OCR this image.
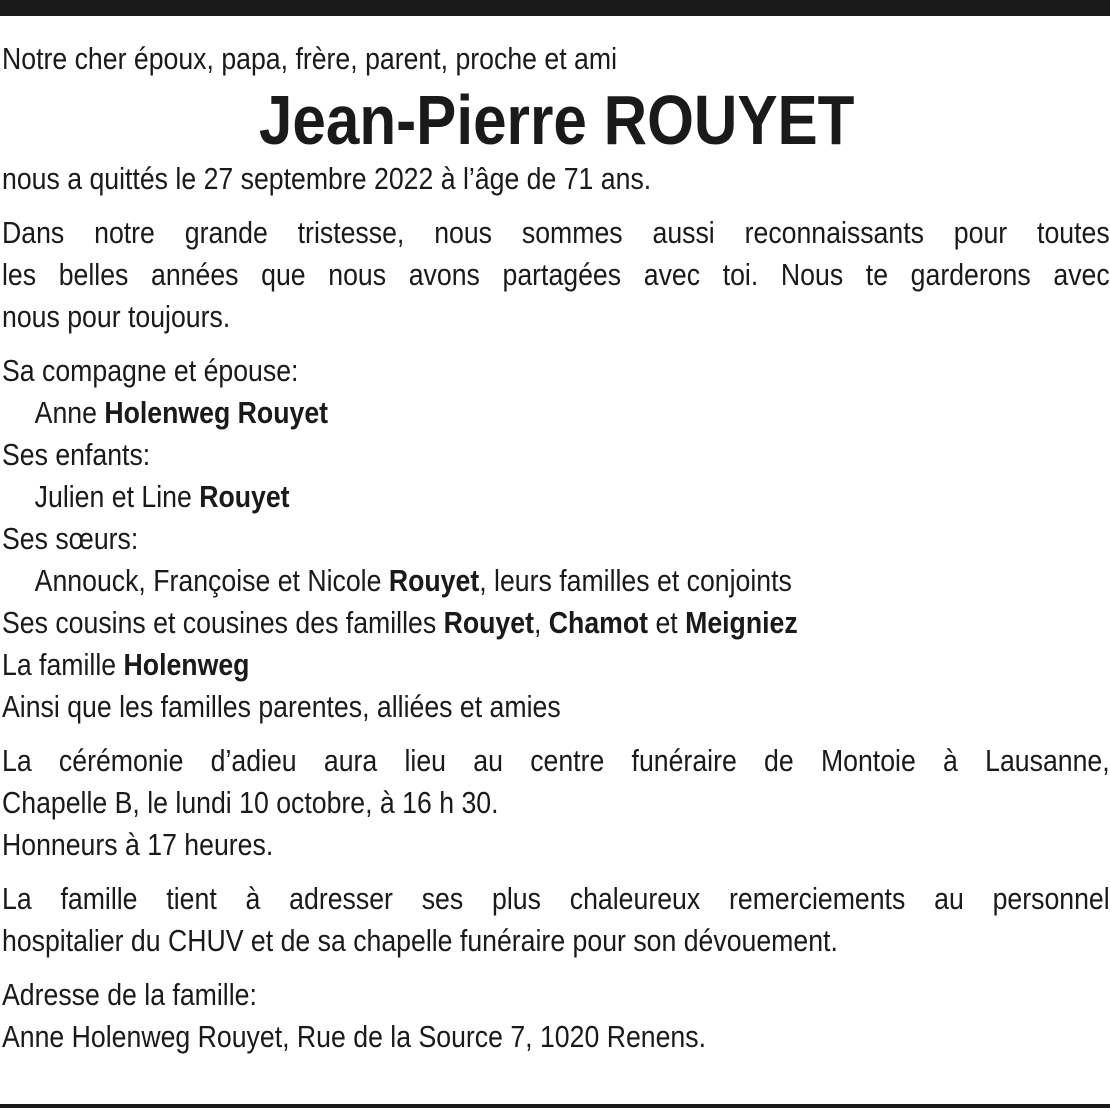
Notre cher époux, papa, frère, parent, proche et ami

Jean-Pierre ROUYET

nous a quittés le 27 septembre 2022 à l’âge de 71 ans.

Dans notre grande tristesse, nous sommes aussi reconnaissants pour toutes

les belles années que nous avons partagées avec toi. Nous te garderons avec

nous pour toujours.

Sa compagne et épouse:

Anne Holenweg Rouyet

Ses enfants:

Julien et Line Rouyet

Ses sœurs:

Annouck, Françoise et Nicole Rouyet, leurs familles et conjoints

Ses cousins et cousines des familles Rouyet, Chamot et Meigniez

La famille Holenweg

Ainsi que les familles parentes, alliées et amies

La cérémonie d’adieu aura lieu au centre funéraire de Montoie à Lausanne,

Chapelle B, le lundi 10 octobre, à 16 h 30.

Honneurs à 17 heures.

La famille tient à adresser ses plus chaleureux remerciements au personnel

hospitalier du CHUV et de sa chapelle funéraire pour son dévouement.

Adresse de la famille:

Anne Holenweg Rouyet, Rue de la Source 7, 1020 Renens.
